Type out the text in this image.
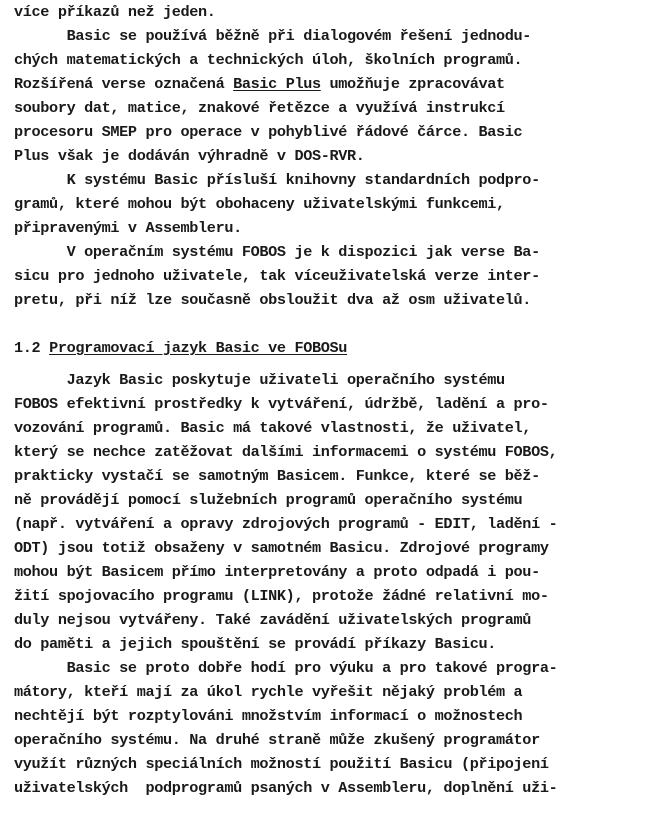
více příkazů než jeden.
Basic se používá běžně při dialogovém řešení jednodu-
chých matematických a technických úloh, školních programů.
Rozšířená verse označená Basic Plus umožňuje zpracovávat
soubory dat, matice, znakové řetězce a využívá instrukcí
procesoru SMEP pro operace v pohyblivé řádové čárce. Basic
Plus však je dodáván výhradně v DOS-RVR.
K systému Basic přísluší knihovny standardních podpro-
gramů, které mohou být obohaceny uživatelskými funkcemi,
připravenými v Assembleru.
V operačním systému FOBOS je k dispozici jak verse Ba-
sicu pro jednoho uživatele, tak víceuživatelská verze inter-
pretu, při níž lze současně obsloužit dva až osm uživatelů.
1.2 Programovací jazyk Basic ve FOBOSu
Jazyk Basic poskytuje uživateli operačního systému
FOBOS efektivní prostředky k vytváření, údržbě, ladění a pro-
vozování programů. Basic má takové vlastnosti, že uživatel,
který se nechce zatěžovat dalšími informacemi o systému FOBOS,
prakticky vystačí se samotným Basicem. Funkce, které se běž-
ně provádějí pomocí služebních programů operačního systému
(např. vytváření a opravy zdrojových programů - EDIT, ladění -
ODT) jsou totiž obsaženy v samotném Basicu. Zdrojové programy
mohou být Basicem přímo interpretovány a proto odpadá i pou-
žití spojovacího programu (LINK), protože žádné relativní mo-
duly nejsou vytvářeny. Také zavádění uživatelských programů
do paměti a jejich spouštění se provádí příkazy Basicu.
Basic se proto dobře hodí pro výuku a pro takové progra-
mátory, kteří mají za úkol rychle vyřešit nějaký problém a
nechtějí být rozptylováni množstvím informací o možnostech
operačního systému. Na druhé straně může zkušený programátor
využít různých speciálních možností použití Basicu (připojení
uživatelských  podprogramů psaných v Assembleru, doplnění uži-
